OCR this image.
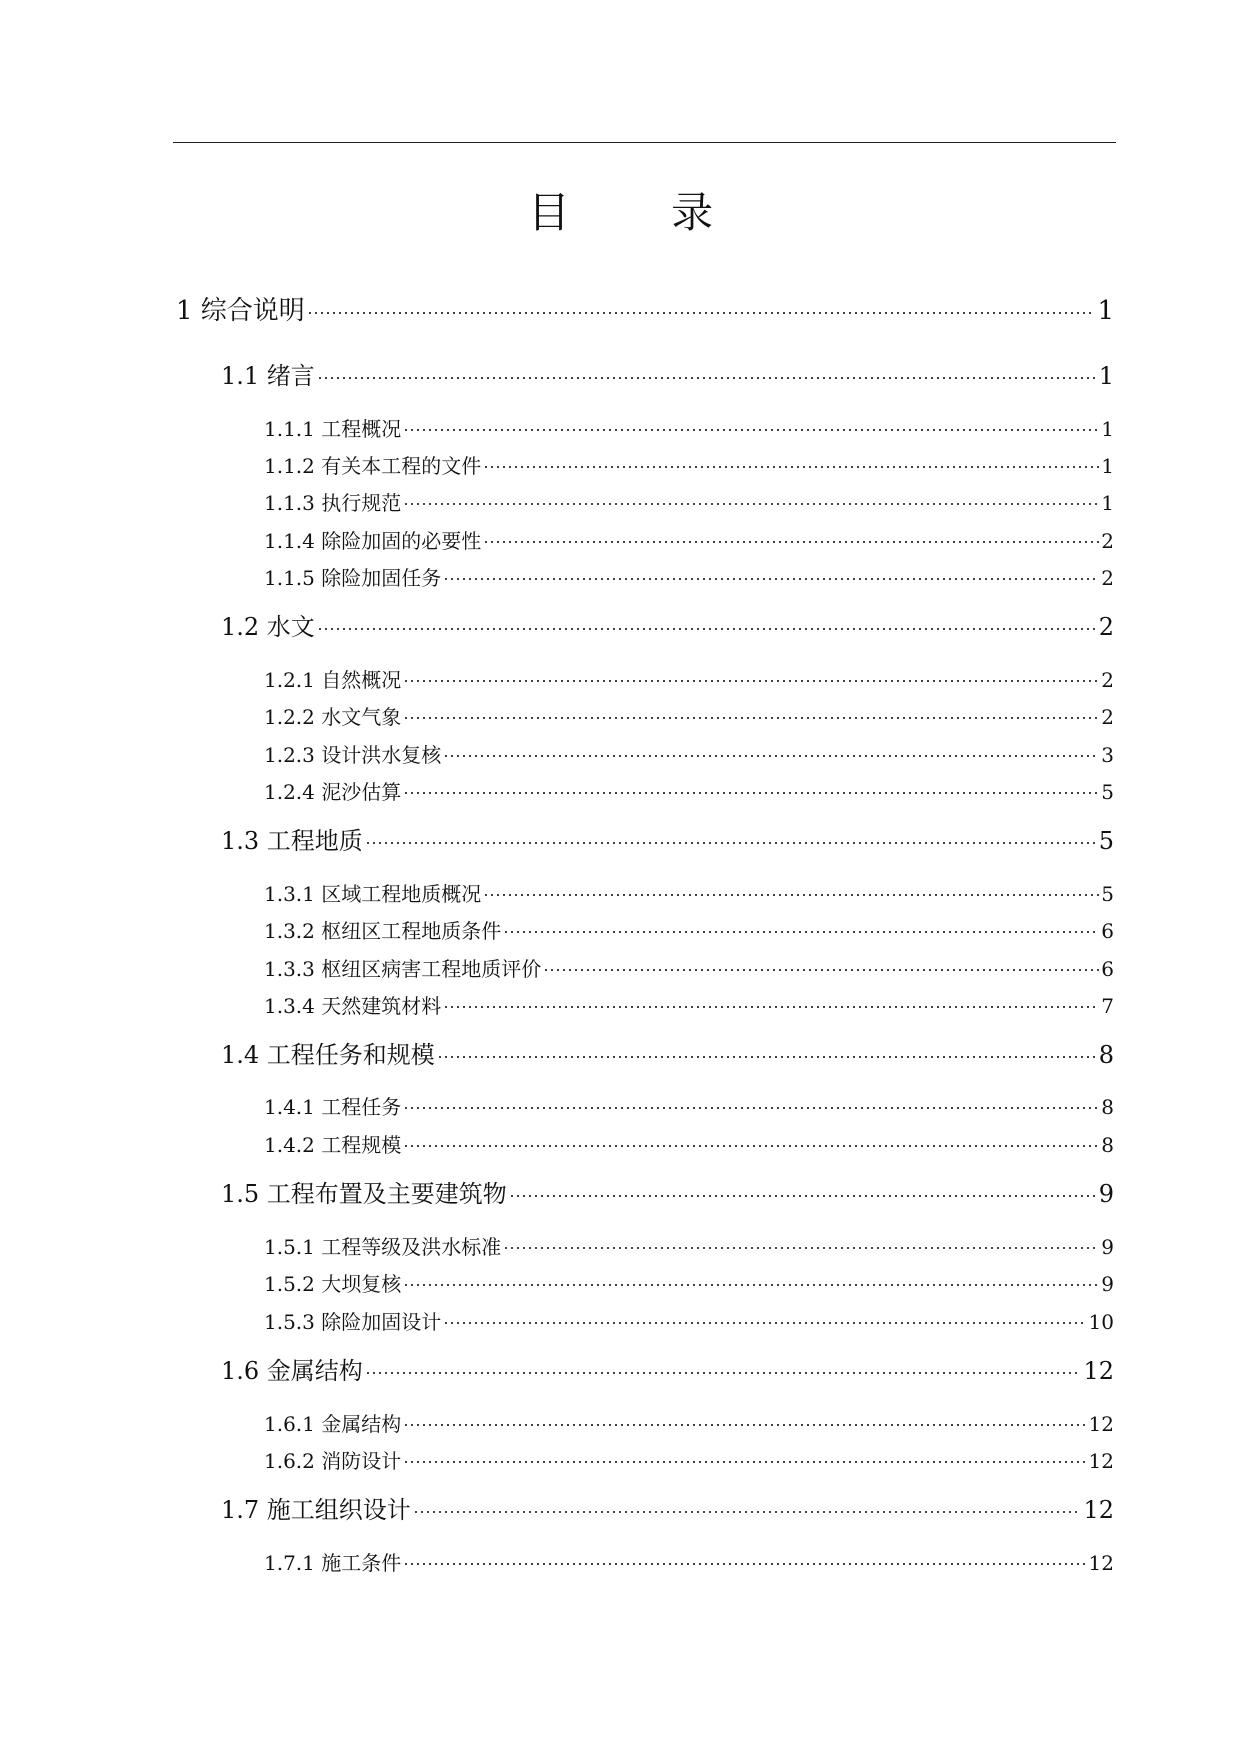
目 录
1 综合说明	1
1.1 绪言	1
1.1.1 工程概况	1
1.1.2 有关本工程的文件	1
1.1.3 执行规范	1
1.1.4 除险加固的必要性	2
1.1.5 除险加固任务	2
1.2 水文	2
1.2.1 自然概况	2
1.2.2 水文气象	2
1.2.3 设计洪水复核	3
1.2.4 泥沙估算	5
1.3 工程地质	5
1.3.1 区域工程地质概况	5
1.3.2 枢纽区工程地质条件	6
1.3.3 枢纽区病害工程地质评价	6
1.3.4 天然建筑材料	7
1.4 工程任务和规模	8
1.4.1 工程任务	8
1.4.2 工程规模	8
1.5 工程布置及主要建筑物	9
1.5.1 工程等级及洪水标准	9
1.5.2 大坝复核	9
1.5.3 除险加固设计	10
1.6 金属结构	12
1.6.1 金属结构	12
1.6.2 消防设计	12
1.7 施工组织设计	12
1.7.1 施工条件	12
